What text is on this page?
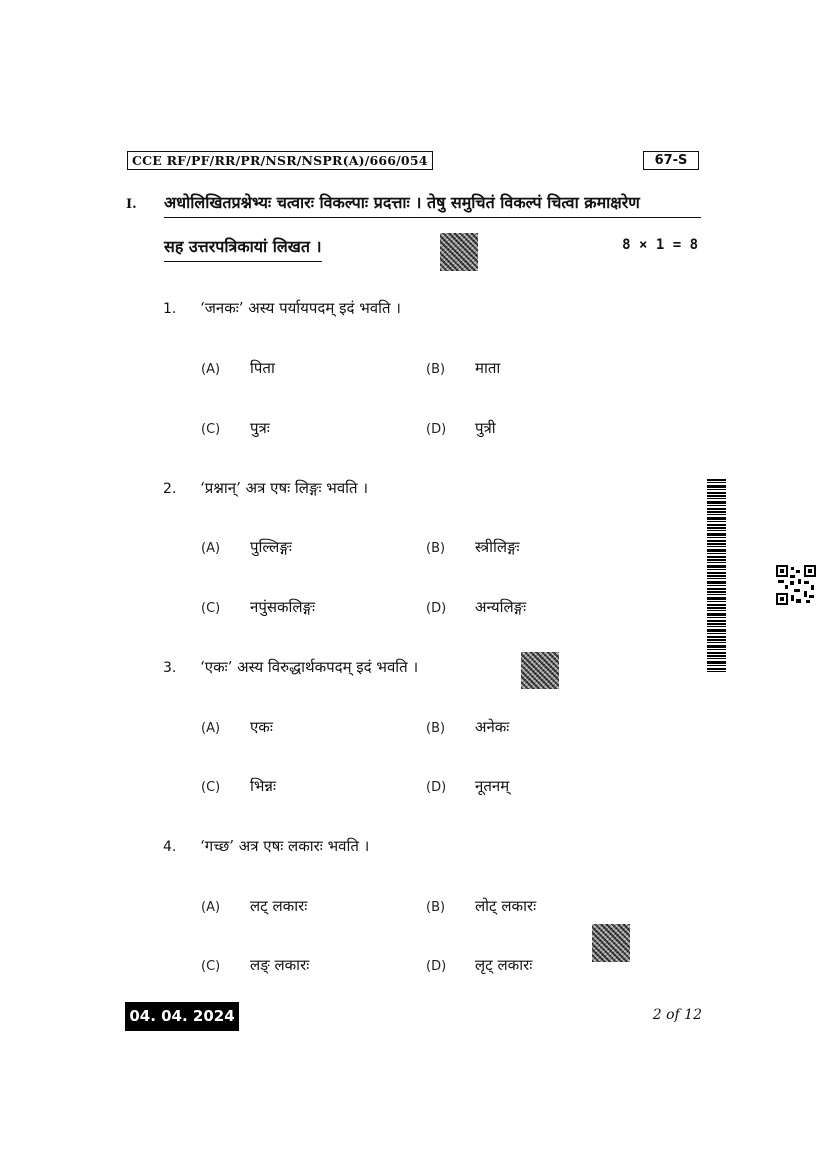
CCE RF/PF/RR/PR/NSR/NSPR(A)/666/054	67-S
I. अधोलिखितप्रश्नेभ्यः चत्वारः विकल्पाः प्रदत्ताः । तेषु समुचितं विकल्पं चित्वा क्रमाक्षरेण
सह उत्तरपत्रिकायां लिखत ।	8 × 1 = 8
1. ‘जनकः’ अस्य पर्यायपदम् इदं भवति ।
(A) पिता	(B) माता
(C) पुत्रः	(D) पुत्री
2. ‘प्रश्नान्’ अत्र एषः लिङ्गः भवति ।
(A) पुल्लिङ्गः	(B) स्त्रीलिङ्गः
(C) नपुंसकलिङ्गः	(D) अन्यलिङ्गः
3. ‘एकः’ अस्य विरुद्धार्थकपदम् इदं भवति ।
(A) एकः	(B) अनेकः
(C) भिन्नः	(D) नूतनम्
4. ‘गच्छ’ अत्र एषः लकारः भवति ।
(A) लट् लकारः	(B) लोट् लकारः
(C) लङ् लकारः	(D) लृट् लकारः
04. 04. 2024	2 of 12
